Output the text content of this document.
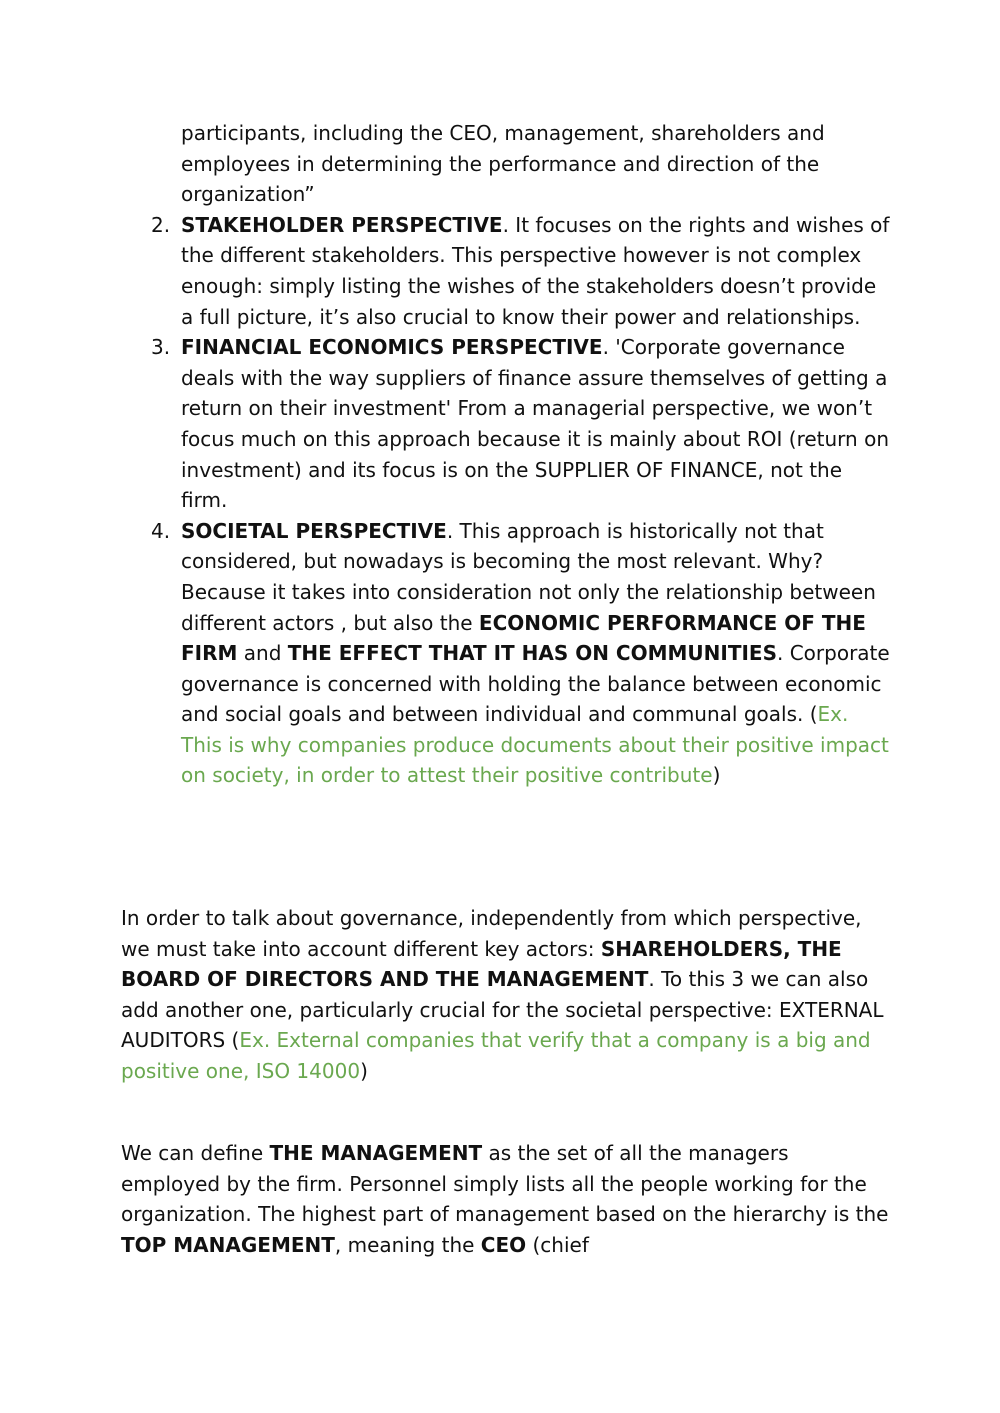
participants, including the CEO, management, shareholders and employees in determining the performance and direction of the organization”
2. STAKEHOLDER PERSPECTIVE. It focuses on the rights and wishes of the different stakeholders. This perspective however is not complex enough: simply listing the wishes of the stakeholders doesn’t provide a full picture, it’s also crucial to know their power and relationships.
3. FINANCIAL ECONOMICS PERSPECTIVE. 'Corporate governance deals with the way suppliers of finance assure themselves of getting a return on their investment' From a managerial perspective, we won’t focus much on this approach because it is mainly about ROI (return on investment) and its focus is on the SUPPLIER OF FINANCE, not the firm.
4. SOCIETAL PERSPECTIVE. This approach is historically not that considered, but nowadays is becoming the most relevant. Why? Because it takes into consideration not only the relationship between different actors , but also the ECONOMIC PERFORMANCE OF THE FIRM and THE EFFECT THAT IT HAS ON COMMUNITIES. Corporate governance is concerned with holding the balance between economic and social goals and between individual and communal goals. (Ex. This is why companies produce documents about their positive impact on society, in order to attest their positive contribute)
In order to talk about governance, independently from which perspective, we must take into account different key actors: SHAREHOLDERS, THE BOARD OF DIRECTORS AND THE MANAGEMENT. To this 3 we can also add another one, particularly crucial for the societal perspective: EXTERNAL AUDITORS (Ex. External companies that verify that a company is a big and positive one, ISO 14000)
We can define THE MANAGEMENT as the set of all the managers employed by the firm. Personnel simply lists all the people working for the organization. The highest part of management based on the hierarchy is the TOP MANAGEMENT, meaning the CEO (chief
